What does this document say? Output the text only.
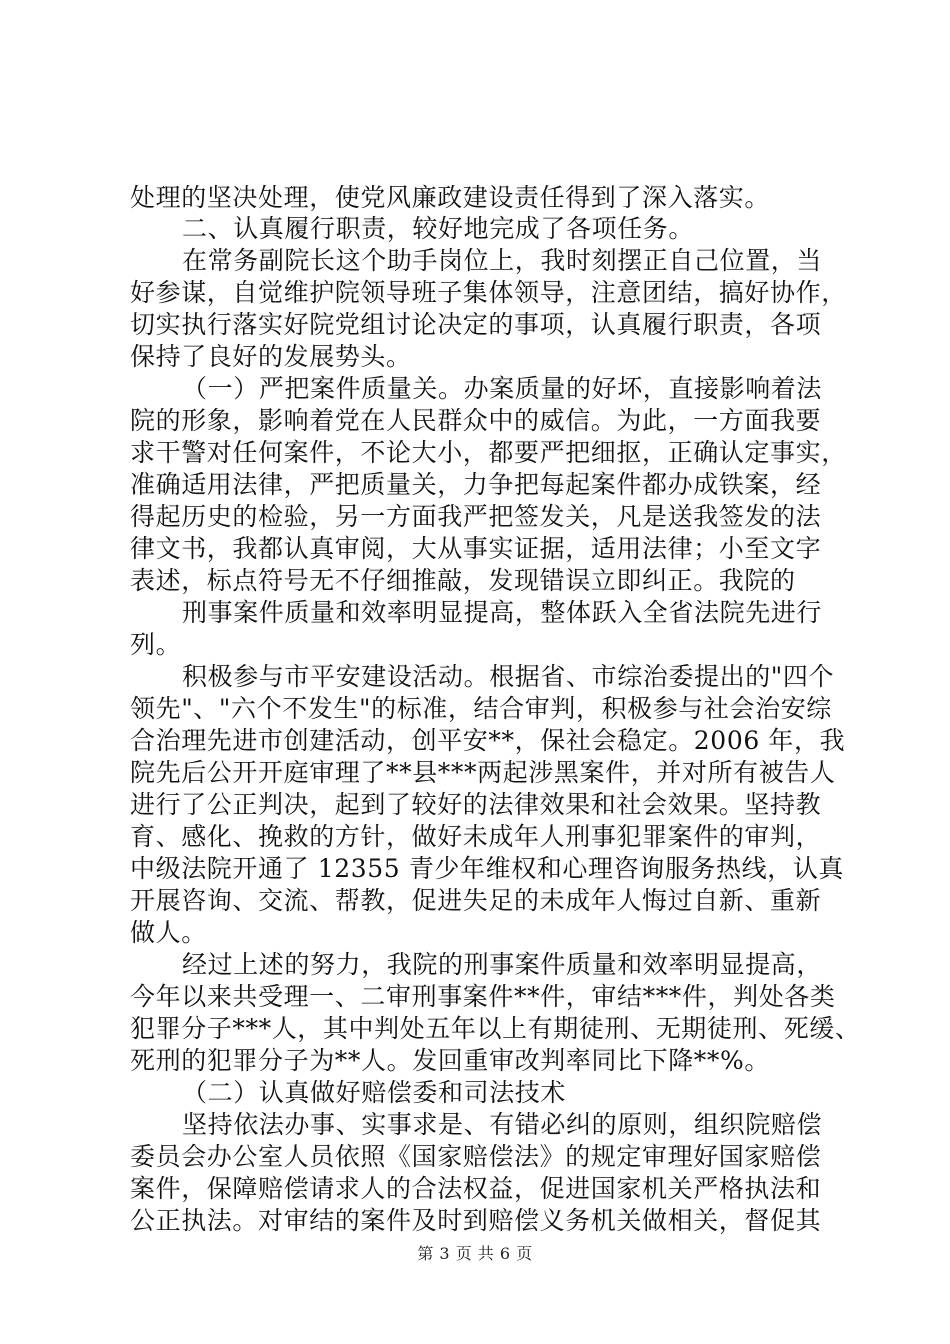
处理的坚决处理，使党风廉政建设责任得到了深入落实。
二、认真履行职责，较好地完成了各项任务。
在常务副院长这个助手岗位上，我时刻摆正自己位置，当
好参谋，自觉维护院领导班子集体领导，注意团结，搞好协作，
切实执行落实好院党组讨论决定的事项，认真履行职责，各项
保持了良好的发展势头。
（一）严把案件质量关。办案质量的好坏，直接影响着法
院的形象，影响着党在人民群众中的威信。为此，一方面我要
求干警对任何案件，不论大小，都要严把细抠，正确认定事实，
准确适用法律，严把质量关，力争把每起案件都办成铁案，经
得起历史的检验，另一方面我严把签发关，凡是送我签发的法
律文书，我都认真审阅，大从事实证据，适用法律；小至文字
表述，标点符号无不仔细推敲，发现错误立即纠正。我院的
刑事案件质量和效率明显提高，整体跃入全省法院先进行
列。
积极参与市平安建设活动。根据省、市综治委提出的"四个
领先"、"六个不发生"的标准，结合审判，积极参与社会治安综
合治理先进市创建活动，创平安**，保社会稳定。2006 年，我
院先后公开开庭审理了**县***两起涉黑案件，并对所有被告人
进行了公正判决，起到了较好的法律效果和社会效果。坚持教
育、感化、挽救的方针，做好未成年人刑事犯罪案件的审判，
中级法院开通了 12355 青少年维权和心理咨询服务热线，认真
开展咨询、交流、帮教，促进失足的未成年人悔过自新、重新
做人。
经过上述的努力，我院的刑事案件质量和效率明显提高，
今年以来共受理一、二审刑事案件**件，审结***件，判处各类
犯罪分子***人，其中判处五年以上有期徒刑、无期徒刑、死缓、
死刑的犯罪分子为**人。发回重审改判率同比下降**%。
（二）认真做好赔偿委和司法技术
坚持依法办事、实事求是、有错必纠的原则，组织院赔偿
委员会办公室人员依照《国家赔偿法》的规定审理好国家赔偿
案件，保障赔偿请求人的合法权益，促进国家机关严格执法和
公正执法。对审结的案件及时到赔偿义务机关做相关，督促其
第 3 页 共 6 页
